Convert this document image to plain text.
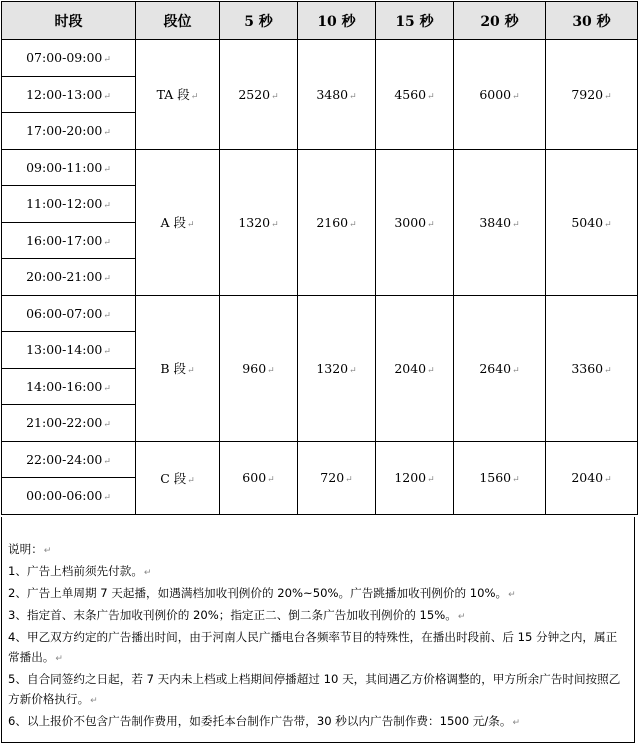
时段	段位	5 秒	10 秒	15 秒	20 秒	30 秒
07:00-09:00↵	TA 段↵	2520↵	3480↵	4560↵	6000↵	7920↵
12:00-13:00↵						
17:00-20:00↵						
09:00-11:00↵	A 段↵	1320↵	2160↵	3000↵	3840↵	5040↵
11:00-12:00↵						
16:00-17:00↵						
20:00-21:00↵						
06:00-07:00↵	B 段↵	960↵	1320↵	2040↵	2640↵	3360↵
13:00-14:00↵						
14:00-16:00↵						
21:00-22:00↵						
22:00-24:00↵	C 段↵	600↵	720↵	1200↵	1560↵	2040↵
00:00-06:00↵						
说明：↵
1、广告上档前须先付款。↵
2、广告上单周期 7 天起播，如遇满档加收刊例价的 20%~50%。广告跳播加收刊例价的 10%。↵
3、指定首、末条广告加收刊例价的 20%；指定正二、倒二条广告加收刊例价的 15%。↵
4、甲乙双方约定的广告播出时间，由于河南人民广播电台各频率节目的特殊性，在播出时段前、后 15 分钟之内，属正常播出。↵
5、自合同签约之日起，若 7 天内未上档或上档期间停播超过 10 天，其间遇乙方价格调整的，甲方所余广告时间按照乙方新价格执行。↵
6、以上报价不包含广告制作费用，如委托本台制作广告带，30 秒以内广告制作费：1500 元/条。↵
